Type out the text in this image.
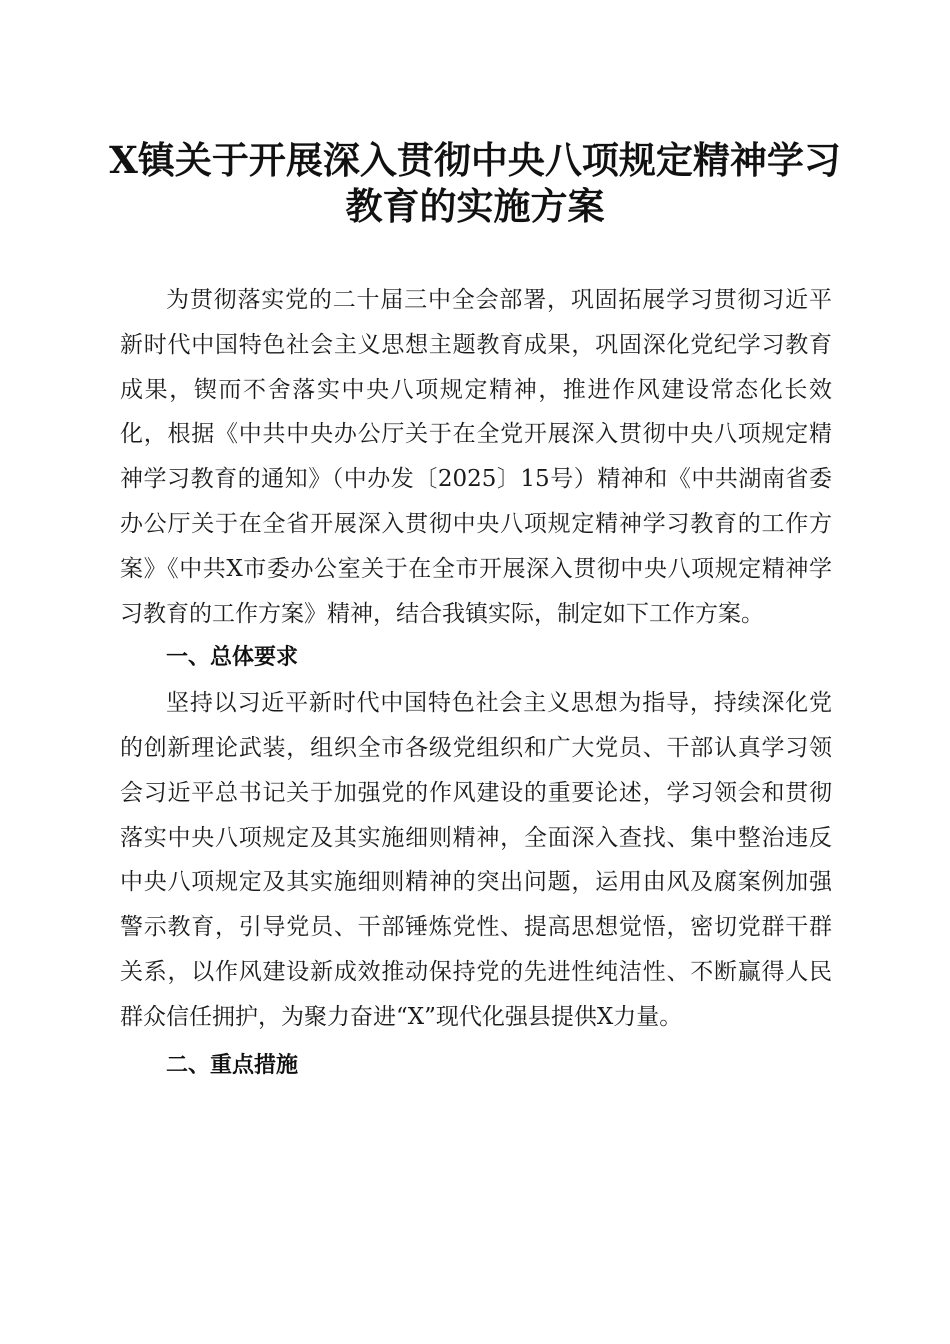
X镇关于开展深入贯彻中央八项规定精神学习
教育的实施方案

为贯彻落实党的二十届三中全会部署，巩固拓展学习贯彻习近平新时代中国特色社会主义思想主题教育成果，巩固深化党纪学习教育成果，锲而不舍落实中央八项规定精神，推进作风建设常态化长效化，根据《中共中央办公厅关于在全党开展深入贯彻中央八项规定精神学习教育的通知》（中办发〔2025〕15号）精神和《中共湖南省委办公厅关于在全省开展深入贯彻中央八项规定精神学习教育的工作方案》《中共X市委办公室关于在全市开展深入贯彻中央八项规定精神学习教育的工作方案》精神，结合我镇实际，制定如下工作方案。

一、总体要求

坚持以习近平新时代中国特色社会主义思想为指导，持续深化党的创新理论武装，组织全市各级党组织和广大党员、干部认真学习领会习近平总书记关于加强党的作风建设的重要论述，学习领会和贯彻落实中央八项规定及其实施细则精神，全面深入查找、集中整治违反中央八项规定及其实施细则精神的突出问题，运用由风及腐案例加强警示教育，引导党员、干部锤炼党性、提高思想觉悟，密切党群干群关系，以作风建设新成效推动保持党的先进性纯洁性、不断赢得人民群众信任拥护，为聚力奋进“X”现代化强县提供X力量。

二、重点措施
